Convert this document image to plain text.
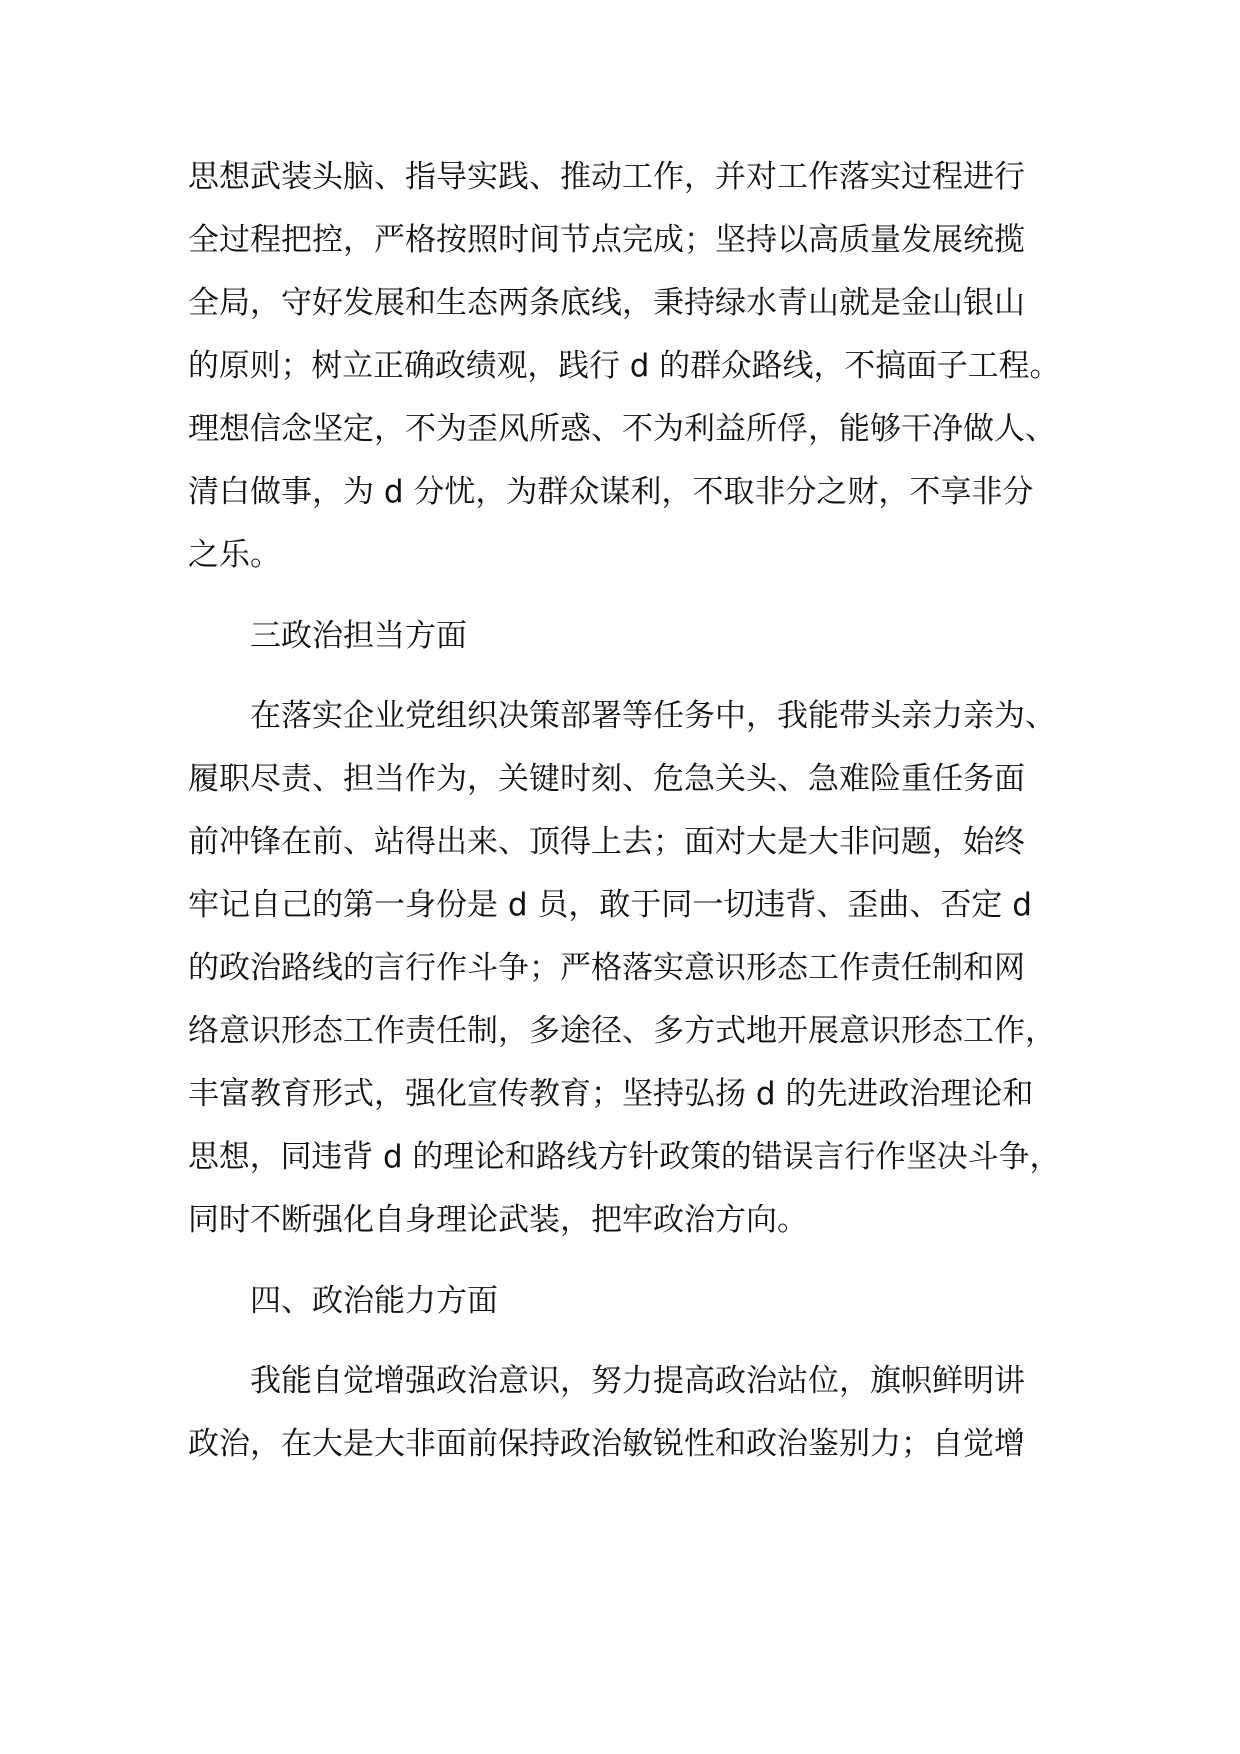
思想武装头脑、指导实践、推动工作，并对工作落实过程进行
全过程把控，严格按照时间节点完成；坚持以高质量发展统揽
全局，守好发展和生态两条底线，秉持绿水青山就是金山银山
的原则；树立正确政绩观，践行 d 的群众路线，不搞面子工程。
理想信念坚定，不为歪风所惑、不为利益所俘，能够干净做人、
清白做事，为 d 分忧，为群众谋利，不取非分之财，不享非分
之乐。
三政治担当方面
在落实企业党组织决策部署等任务中，我能带头亲力亲为、
履职尽责、担当作为，关键时刻、危急关头、急难险重任务面
前冲锋在前、站得出来、顶得上去；面对大是大非问题，始终
牢记自己的第一身份是 d 员，敢于同一切违背、歪曲、否定 d
的政治路线的言行作斗争；严格落实意识形态工作责任制和网
络意识形态工作责任制，多途径、多方式地开展意识形态工作，
丰富教育形式，强化宣传教育；坚持弘扬 d 的先进政治理论和
思想，同违背 d 的理论和路线方针政策的错误言行作坚决斗争，
同时不断强化自身理论武装，把牢政治方向。
四、政治能力方面
我能自觉增强政治意识，努力提高政治站位，旗帜鲜明讲
政治，在大是大非面前保持政治敏锐性和政治鉴别力；自觉增
